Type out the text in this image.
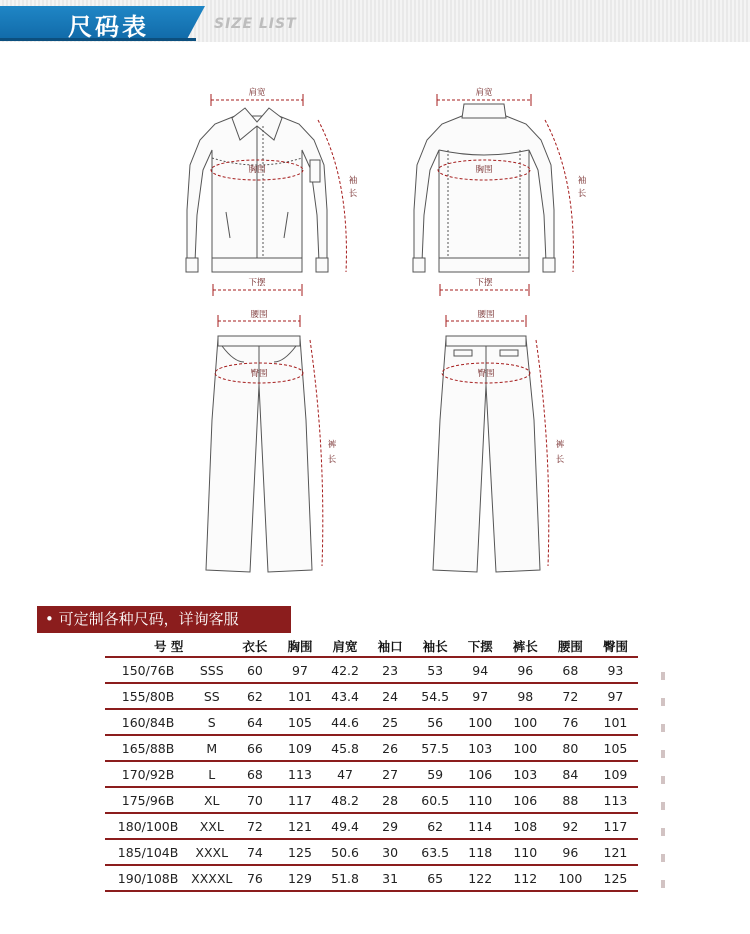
尺码表	SIZE LIST
肩宽	肩宽
胸围	胸围
袖
长
袖
长
下摆	下摆
腰围	腰围
臀围	臀围
裤
长
裤
长
• 可定制各种尺码，详询客服
号 型		衣长	胸围	肩宽	袖口	袖长	下摆	裤长	腰围	臀围
150/76B	SSS	60	97	42.2	23	53	94	96	68	93
155/80B	SS	62	101	43.4	24	54.5	97	98	72	97
160/84B	S	64	105	44.6	25	56	100	100	76	101
165/88B	M	66	109	45.8	26	57.5	103	100	80	105
170/92B	L	68	113	47	27	59	106	103	84	109
175/96B	XL	70	117	48.2	28	60.5	110	106	88	113
180/100B	XXL	72	121	49.4	29	62	114	108	92	117
185/104B	XXXL	74	125	50.6	30	63.5	118	110	96	121
190/108B	XXXXL	76	129	51.8	31	65	122	112	100	125
